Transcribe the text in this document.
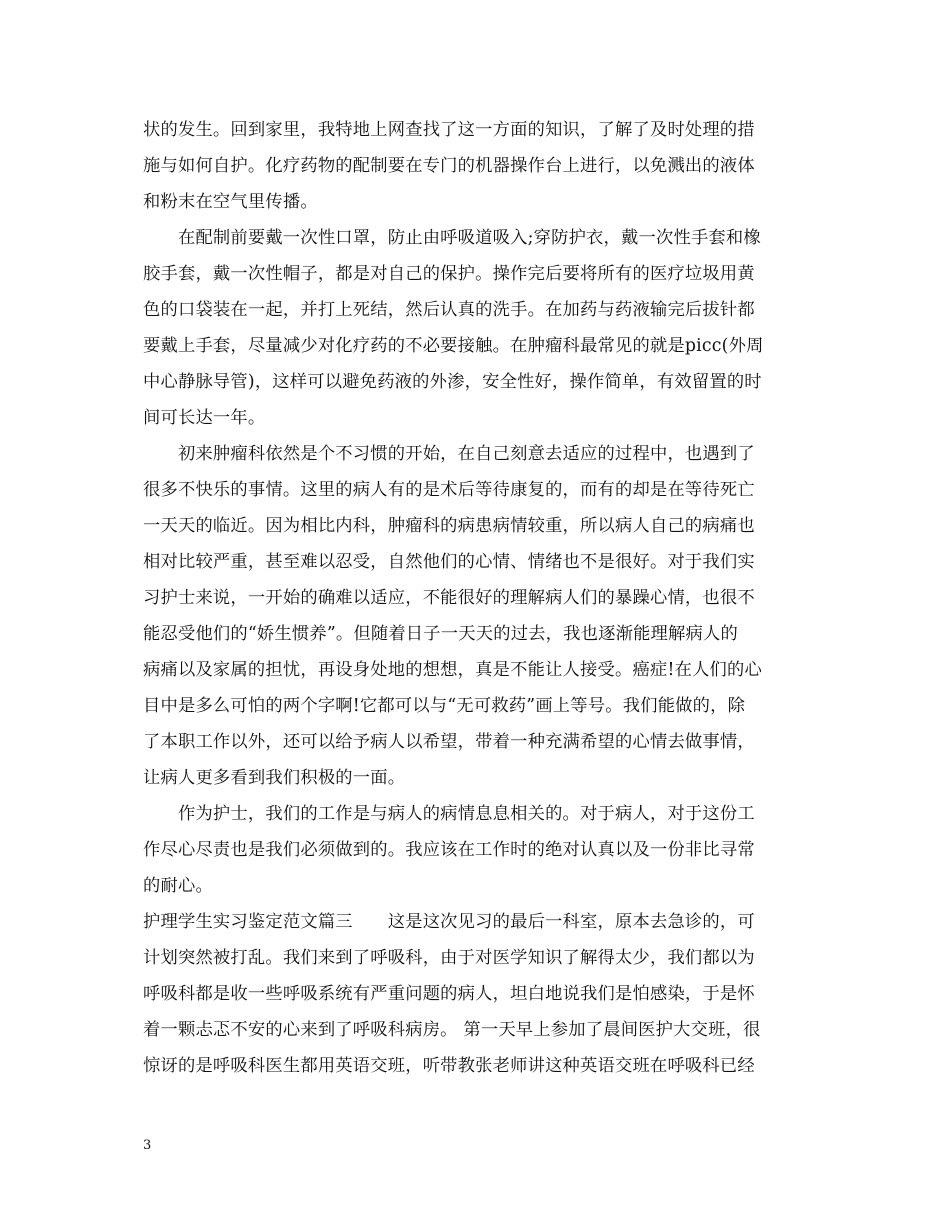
状的发生。回到家里，我特地上网查找了这一方面的知识，了解了及时处理的措
施与如何自护。化疗药物的配制要在专门的机器操作台上进行，以免溅出的液体
和粉末在空气里传播。
　　在配制前要戴一次性口罩，防止由呼吸道吸入;穿防护衣，戴一次性手套和橡
胶手套，戴一次性帽子，都是对自己的保护。操作完后要将所有的医疗垃圾用黄
色的口袋装在一起，并打上死结，然后认真的洗手。在加药与药液输完后拔针都
要戴上手套，尽量减少对化疗药的不必要接触。在肿瘤科最常见的就是picc(外周
中心静脉导管)，这样可以避免药液的外渗，安全性好，操作简单，有效留置的时
间可长达一年。
　　初来肿瘤科依然是个不习惯的开始，在自己刻意去适应的过程中，也遇到了
很多不快乐的事情。这里的病人有的是术后等待康复的，而有的却是在等待死亡
一天天的临近。因为相比内科，肿瘤科的病患病情较重，所以病人自己的病痛也
相对比较严重，甚至难以忍受，自然他们的心情、情绪也不是很好。对于我们实
习护士来说，一开始的确难以适应，不能很好的理解病人们的暴躁心情，也很不
能忍受他们的“娇生惯养”。但随着日子一天天的过去，我也逐渐能理解病人的
病痛以及家属的担忧，再设身处地的想想，真是不能让人接受。癌症!在人们的心
目中是多么可怕的两个字啊!它都可以与“无可救药”画上等号。我们能做的，除
了本职工作以外，还可以给予病人以希望，带着一种充满希望的心情去做事情，
让病人更多看到我们积极的一面。
　　作为护士，我们的工作是与病人的病情息息相关的。对于病人，对于这份工
作尽心尽责也是我们必须做到的。我应该在工作时的绝对认真以及一份非比寻常
的耐心。
护理学生实习鉴定范文篇三　　这是这次见习的最后一科室，原本去急诊的，可
计划突然被打乱。我们来到了呼吸科，由于对医学知识了解得太少，我们都以为
呼吸科都是收一些呼吸系统有严重问题的病人，坦白地说我们是怕感染，于是怀
着一颗忐忑不安的心来到了呼吸科病房。 第一天早上参加了晨间医护大交班，很
惊讶的是呼吸科医生都用英语交班，听带教张老师讲这种英语交班在呼吸科已经
3
